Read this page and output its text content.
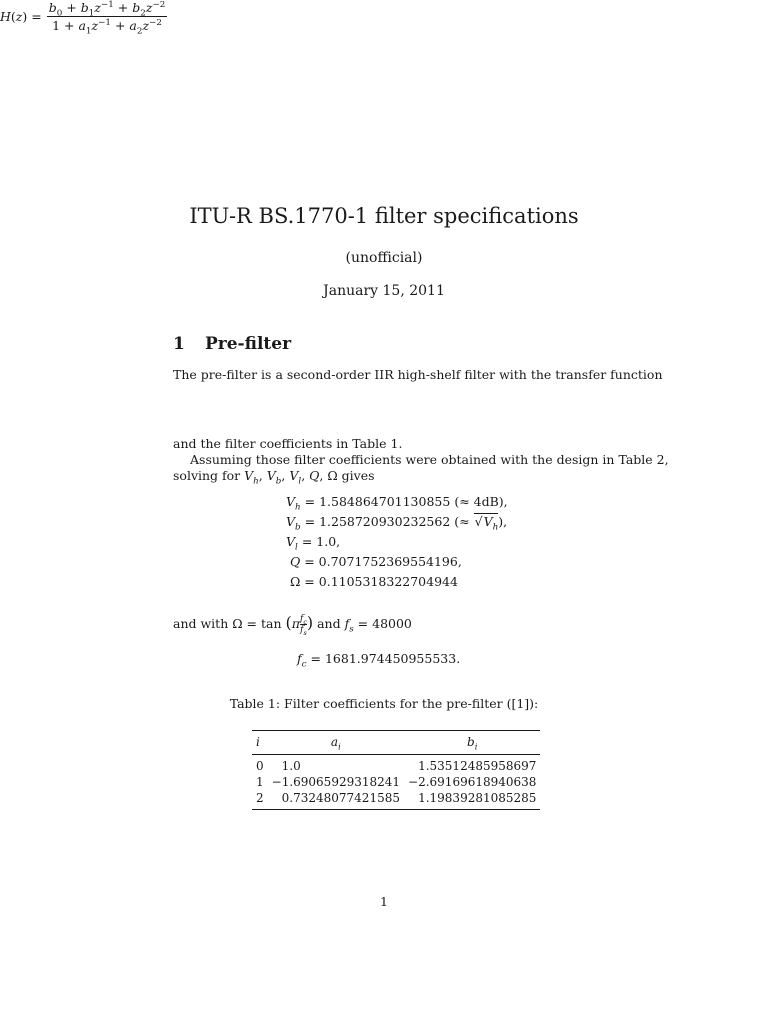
ITU-R BS.1770-1 filter specifications
(unofficial)
January 15, 2011
1 Pre-filter

The pre-filter is a second-order IIR high-shelf filter with the transfer function

$H(z) = \frac{b_0 + b_1z^{-1} + b_2z^{-2}}{1 + a_1z^{-1} + a_2z^{-2}}$

and the filter coefficients in Table 1.

Assuming those filter coefficients were obtained with the design in Table 2,

solving for $V_h$, $V_b$, $V_l$, Q, Ω gives

$V_h = 1.584864701130855$ (≈ 4dB),
$V_b = 1.258720930232562$ (≈ $√V_h$),
$V_l = 1.0$,
Q = 0.7071752369554196,
Ω = 0.1105318322704944

and with $\Omega = \tan (\pi \frac{f_c}{f_s}$ ) and $f_s = 48000$

$f_c = 1681.974450955533$.
Table 1: Filter coefficients for the pre-filter ([1]):
i	$a_i$	$b_i$
0	1.0	1.53512485958697
1	−1.69065929318241	−2.69169618940638
2	0.73248077421585	1.19839281085285
1
